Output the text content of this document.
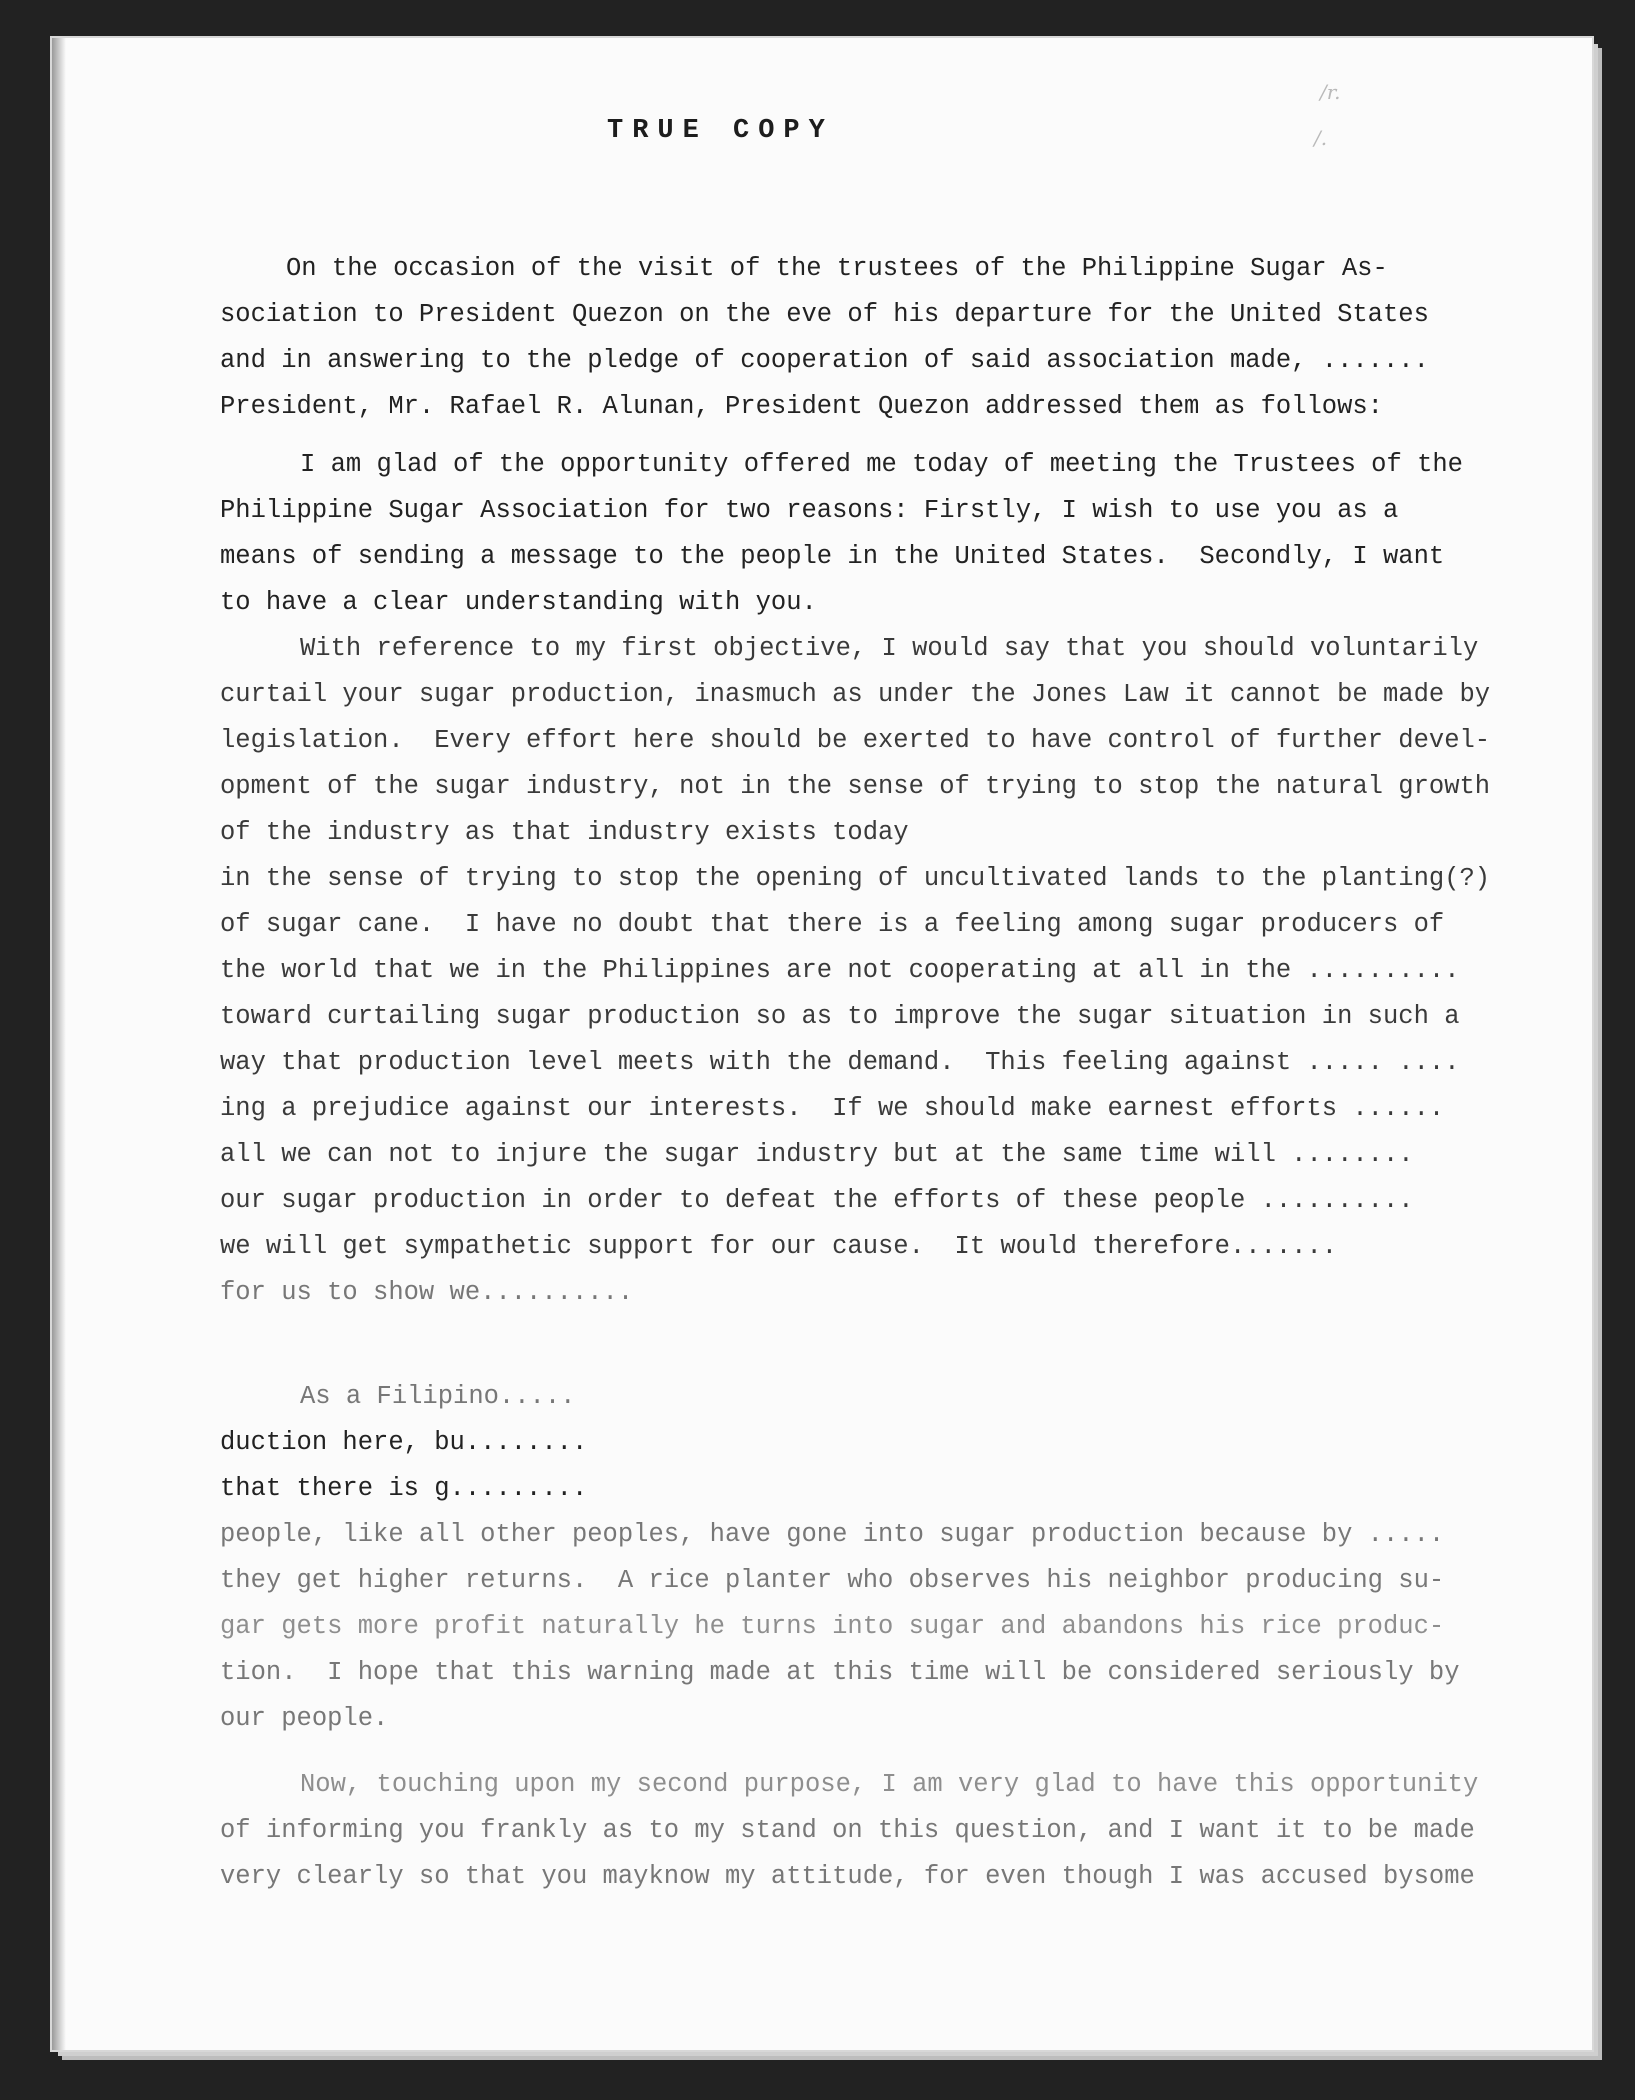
TRUE COPY
/r.
/.
On the occasion of the visit of the trustees of the Philippine Sugar As-
sociation to President Quezon on the eve of his departure for the United States
and in answering to the pledge of cooperation of said association made, .......
President, Mr. Rafael R. Alunan, President Quezon addressed them as follows:
I am glad of the opportunity offered me today of meeting the Trustees of the
Philippine Sugar Association for two reasons: Firstly, I wish to use you as a
means of sending a message to the people in the United States.  Secondly, I want
to have a clear understanding with you.
With reference to my first objective, I would say that you should voluntarily
curtail your sugar production, inasmuch as under the Jones Law it cannot be made by
legislation.  Every effort here should be exerted to have control of further devel-
opment of the sugar industry, not in the sense of trying to stop the natural growth
of the industry as that industry exists today
in the sense of trying to stop the opening of uncultivated lands to the planting(?)
of sugar cane.  I have no doubt that there is a feeling among sugar producers of
the world that we in the Philippines are not cooperating at all in the ..........
toward curtailing sugar production so as to improve the sugar situation in such a
way that production level meets with the demand.  This feeling against ..... ....
ing a prejudice against our interests.  If we should make earnest efforts ......
all we can not to injure the sugar industry but at the same time will ........
our sugar production in order to defeat the efforts of these people ..........
we will get sympathetic support for our cause.  It would therefore.......
for us to show we..........
As a Filipino.....
duction here, bu........
that there is g.........
people, like all other peoples, have gone into sugar production because by .....
they get higher returns.  A rice planter who observes his neighbor producing su-
gar gets more profit naturally he turns into sugar and abandons his rice produc-
tion.  I hope that this warning made at this time will be considered seriously by
our people.
Now, touching upon my second purpose, I am very glad to have this opportunity
of informing you frankly as to my stand on this question, and I want it to be made
very clearly so that you mayknow my attitude, for even though I was accused bysome
